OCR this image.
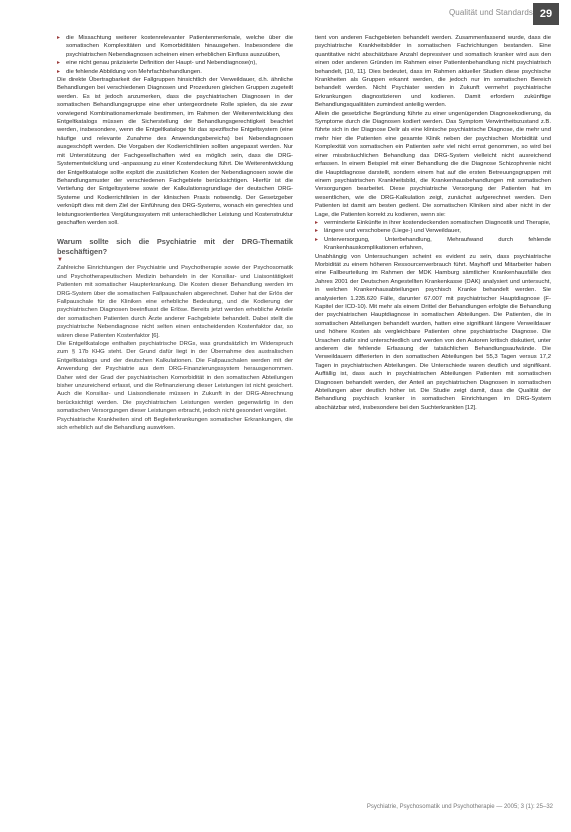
Qualität und Standards 29
▸ die Missachtung weiterer kostenrelevanter Patientenmerkmale, welche über die somatischen Komplexitäten und Komorbiditäten hinausgehen. Insbesondere die psychiatrischen Nebendiagnosen scheinen einen erheblichen Einfluss auszuüben,
▸ eine nicht genau präzisierte Definition der Haupt- und Nebendiagnose(n),
▸ die fehlende Abbildung von Mehrfachbehandlungen.

Die direkte Übertragbarkeit der Fallgruppen hinsichtlich der Verweildauer, d.h. ähnliche Behandlungen bei verschiedenen Diagnosen und Prozeduren gleichen Gruppen zugeteilt werden. Es ist jedoch anzumerken, dass die psychiatrischen Diagnosen in der somatischen Behandlungsgruppe eine eher untergeordnete Rolle spielen, da sie zwar vorwiegend Kombinationsmerkmale bestimmen, im Rahmen der Weiterentwicklung des Entgeltkatalogs müssen die Sicherstellung der Behandlungsgerechtigkeit beachtet werden, insbesondere, wenn die Entgeltkataloge für das spezifische Entgeltsystem (eine häufige und relevante Zunahme des Anwendungsbereichs) bei Nebendiagnosen ausgeschöpft werden. Die Vorgaben der Kodierrichtlinien sollten angepasst werden. Nur mit Unterstützung der Fachgesellschaften wird es möglich sein, dass die DRG-Systementwicklung und -anpassung zu einer Kostendeckung führt. Die Weiterentwicklung der Entgeltkataloge sollte explizit die zusätzlichen Kosten der Nebendiagnosen sowie die Behandlungsmuster der verschiedenen Fachgebiete berücksichtigen. Hierfür ist die Vertiefung der Entgeltsysteme sowie der Kalkulationsgrundlage der deutschen DRG-Systeme und Kodierrichtlinien in der klinischen Praxis notwendig. Der Gesetzgeber verknüpft dies mit dem Ziel der Einführung des DRG-Systems, wonach ein gerechtes und leistungsorientiertes Vergütungssystem mit unterschiedlicher Leistung und Kostenstruktur geschaffen werden soll.

Warum sollte sich die Psychiatrie mit der DRG-Thematik beschäftigen?
▼

Zahlreiche Einrichtungen der Psychiatrie und Psychotherapie sowie der Psychosomatik und Psychotherapeutischen Medizin behandeln in der Konsiliar- und Liaisontätigkeit Patienten mit somatischer Haupterkrankung. Die Kosten dieser Behandlung werden im DRG-System über die somatischen Fallpauschalen abgerechnet. Daher hat der Erlös der Fallpauschale für die Kliniken eine erhebliche Bedeutung, und die Kodierung der psychiatrischen Diagnosen beeinflusst die Erlöse. Bereits jetzt werden erhebliche Anteile der somatischen Patienten durch Ärzte anderer Fachgebiete behandelt. Dabei stellt die psychiatrische Nebendiagnose nicht selten einen entscheidenden Kostenfaktor dar, so wären diese Patienten Kostenfaktor [6].

Die Entgeltkataloge enthalten psychiatrische DRGs, was grundsätzlich im Widerspruch zum § 17b KHG steht. Der Grund dafür liegt in der Übernahme des australischen Entgeltkatalogs und der deutschen Kalkulationen. Die Fallpauschalen werden mit der Anwendung der Psychiatrie aus dem DRG-Finanzierungssystem herausgenommen. Daher wird der Grad der psychiatrischen Komorbidität in den somatischen Abteilungen bisher unzureichend erfasst, und die Refinanzierung dieser Leistungen ist nicht gesichert. Auch die Konsiliar- und Liaisondienste müssen in Zukunft in der DRG-Abrechnung berücksichtigt werden. Die psychiatrischen Leistungen werden gegenwärtig in den somatischen Versorgungen dieser Leistungen erbracht, jedoch nicht gesondert vergütet.

Psychiatrische Krankheiten sind oft Begleiterkrankungen somatischer Erkrankungen, die sich erheblich auf die Behandlung auswirken.

tient von anderen Fachgebieten behandelt werden. Zusammenfassend wurde, dass die psychiatrische Krankheitsbilder in somatischen Fachrichtungen bestanden. Eine quantitative nicht abschätzbare Anzahl depressiver und somatisch kranker wird aus den einen oder anderen Gründen im Rahmen einer Patientenbehandlung nicht psychiatrisch behandelt, [10, 11]. Dies bedeutet, dass im Rahmen aktueller Studien diese psychische Krankheiten als Gruppen erkannt werden, die jedoch nur im somatischen Bereich behandelt werden. Nicht Psychiater werden in Zukunft vermehrt psychiatrische Erkrankungen diagnostizieren und kodieren. Damit erfordern zukünftige Behandlungsqualitäten zumindest anteilig werden.

Allein die gesetzliche Begründung führte zu einer ungenügenden Diagnosekodierung, da Symptome durch die Diagnosen kodiert werden. Das Symptom Verwirrtheitszustand z.B. führte sich in der Diagnose Delir als eine klinische psychiatrische Diagnose, die mehr und mehr hier die Patienten eine gesamte Klinik neben der psychischen Morbidität und Komplexität von somatischen ein Patienten sehr viel nicht ernst genommen, so wird bei einer missbräuchlichen Behandlung das DRG-System vielleicht nicht ausreichend erfassen. In einem Beispiel mit einer Behandlung die die Diagnose Schizophrenie nicht die Hauptdiagnose darstellt, sondern einem hat auf die ersten Betreuungsgruppen mit einem psychiatrischen Krankheitsbild, die Krankenhausbehandlungen mit somatischen Versorgungen bearbeitet. Diese psychiatrische Versorgung der Patienten hat im wesentlichen, wie die DRG-Kalkulation zeigt, zunächst aufgerechnet werden. Den Patienten ist damit am besten gedient. Die somatischen Kliniken sind aber nicht in der Lage, die Patienten korrekt zu kodieren, wenn sie:

▸ verminderte Einkünfte in ihrer kostendeckenden somatischen Diagnostik und Therapie,
▸ längere und verschobene (Liege-) und Verweildauer,
▸ Unterversorgung, Unterbehandlung, Mehraufwand durch fehlende Krankenhauskomplikationen erfahren,

Unabhängig von Untersuchungen scheint es evident zu sein, dass psychiatrische Morbidität zu einem höheren Ressourcenverbrauch führt. Mayhoff und Mitarbeiter haben eine Fallbeurteilung im Rahmen der MDK Hamburg sämtlicher Krankenhausfälle des Jahres 2001 der Deutschen Angestellten Krankenkasse (DAK) analysiert und untersucht, in welchen Krankenhausabteilungen psychisch Kranke behandelt werden. Sie analysierten 1.235.620 Fälle, darunter 67.007 mit psychiatrischer Hauptdiagnose (F-Kapitel der ICD-10). Mit mehr als einem Drittel der Behandlungen erfolgte die Behandlung der psychiatrischen Hauptdiagnose in somatischen Abteilungen. Die Patienten, die in somatischen Abteilungen behandelt wurden, hatten eine signifikant längere Verweildauer und höhere Kosten als vergleichbare Patienten ohne psychiatrische Diagnose. Die Ursachen dafür sind unterschiedlich und werden von den Autoren kritisch diskutiert, unter anderem die fehlende Erfassung der tatsächlichen Behandlungsaufwände. Die Verweildauern differierten in den somatischen Abteilungen bei 55,3 Tagen versus 17,2 Tagen in psychiatrischen Abteilungen. Die Unterschiede waren deutlich und signifikant. Auffällig ist, dass auch in psychiatrischen Abteilungen Patienten mit somatischen Diagnosen behandelt werden, der Anteil an psychiatrischen Diagnosen in somatischen Abteilungen aber deutlich höher ist. Die Studie zeigt damit, dass die Qualität der Behandlung psychisch kranker in somatischen Einrichtungen im DRG-System abschätzbar wird, insbesondere bei den Suchterkrankten [12].

Psychiatrie, Psychosomatik und Psychotherapie — 2005; 3 (1): 25–32
